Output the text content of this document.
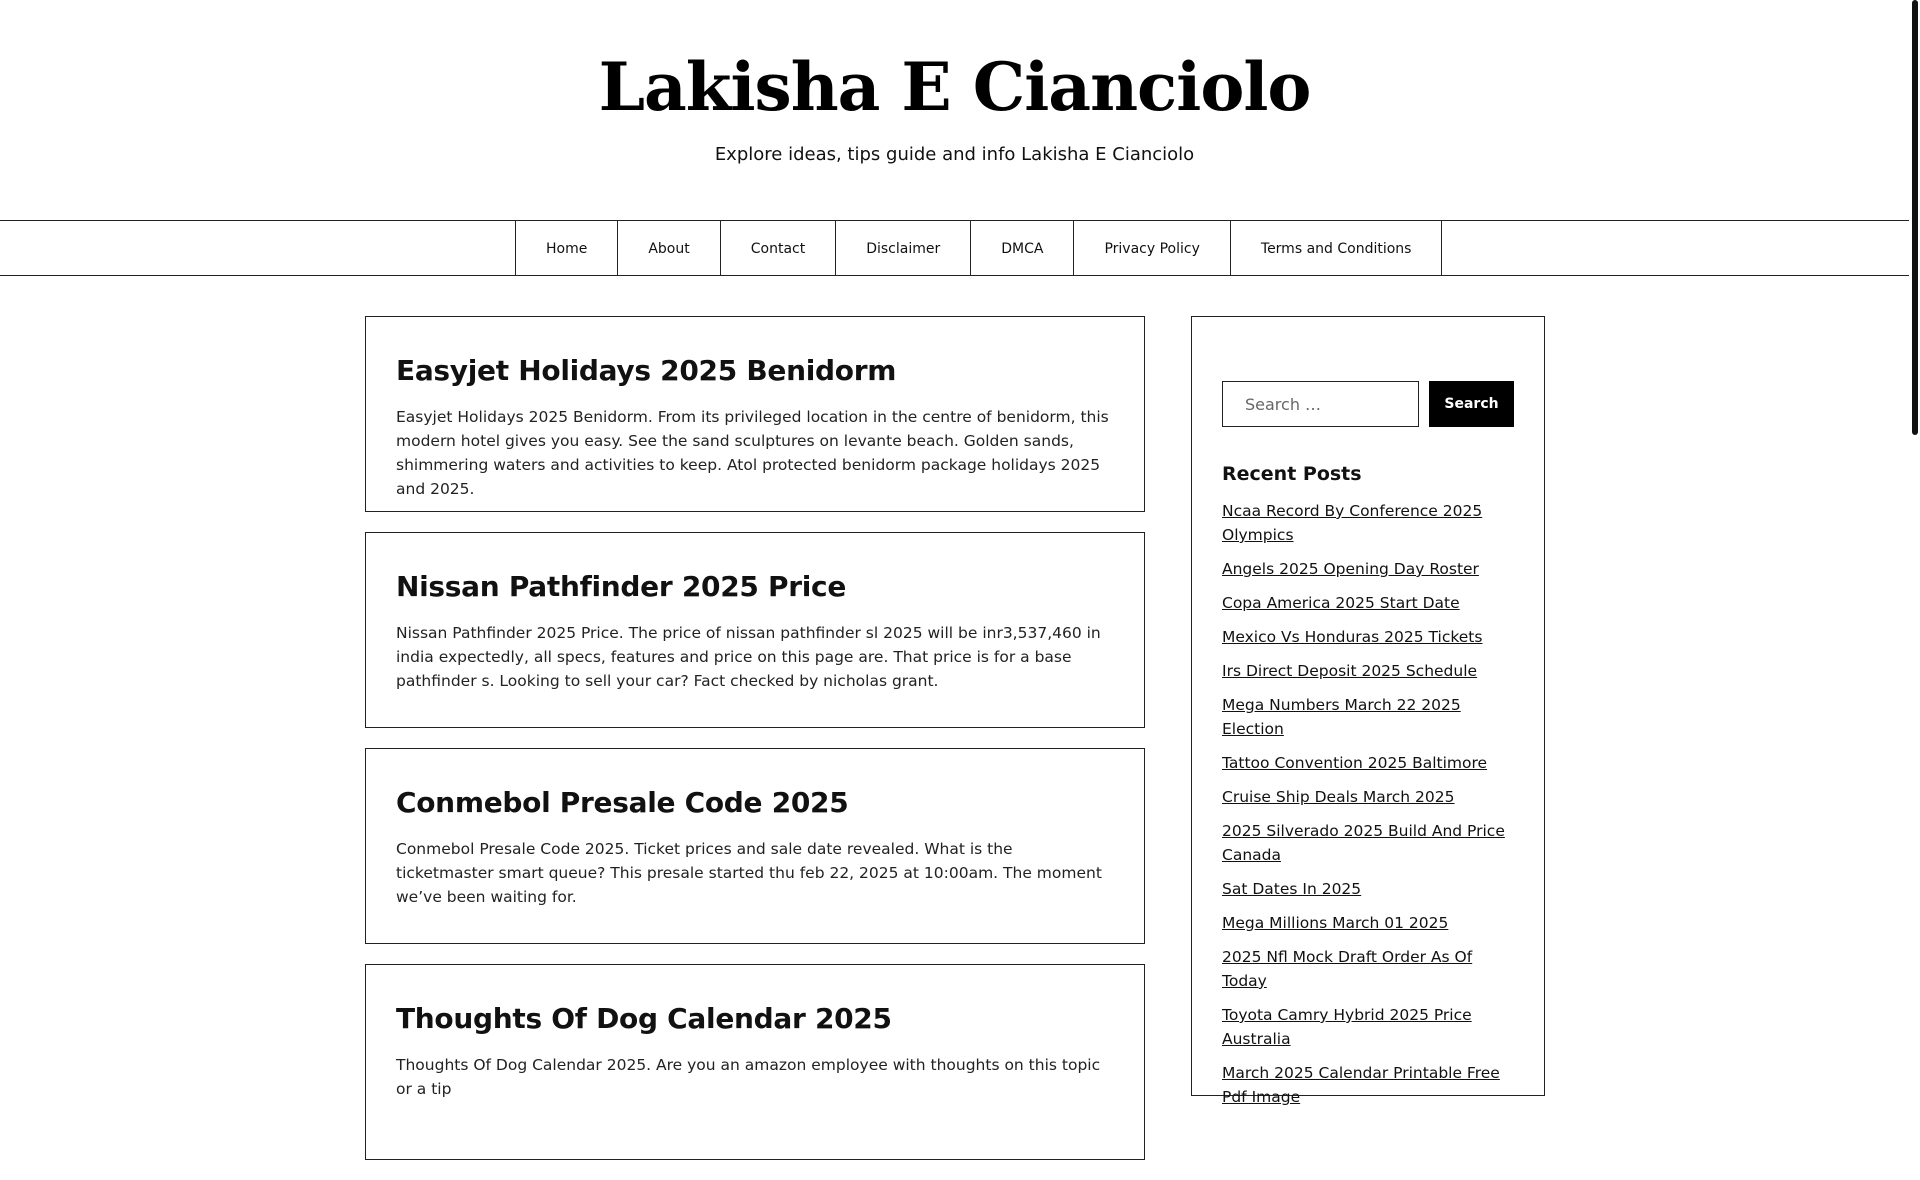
Lakisha E Cianciolo
Explore ideas, tips guide and info Lakisha E Cianciolo
Home	About	Contact	Disclaimer	DMCA	Privacy Policy	Terms and Conditions
Easyjet Holidays 2025 Benidorm

Easyjet Holidays 2025 Benidorm. From its privileged location in the centre of benidorm, this modern hotel gives you easy. See the sand sculptures on levante beach. Golden sands, shimmering waters and activities to keep. Atol protected benidorm package holidays 2025 and 2025.

Nissan Pathfinder 2025 Price

Nissan Pathfinder 2025 Price. The price of nissan pathfinder sl 2025 will be inr3,537,460 in india expectedly, all specs, features and price on this page are. That price is for a base pathfinder s. Looking to sell your car? Fact checked by nicholas grant.

Conmebol Presale Code 2025

Conmebol Presale Code 2025. Ticket prices and sale date revealed. What is the ticketmaster smart queue? This presale started thu feb 22, 2025 at 10:00am. The moment we’ve been waiting for.

Thoughts Of Dog Calendar 2025

Thoughts Of Dog Calendar 2025. Are you an amazon employee with thoughts on this topic or a tip

Search …
Search
Recent Posts
Ncaa Record By Conference 2025 Olympics
Angels 2025 Opening Day Roster
Copa America 2025 Start Date
Mexico Vs Honduras 2025 Tickets
Irs Direct Deposit 2025 Schedule
Mega Numbers March 22 2025 Election
Tattoo Convention 2025 Baltimore
Cruise Ship Deals March 2025
2025 Silverado 2025 Build And Price Canada
Sat Dates In 2025
Mega Millions March 01 2025
2025 Nfl Mock Draft Order As Of Today
Toyota Camry Hybrid 2025 Price Australia
March 2025 Calendar Printable Free Pdf Image
